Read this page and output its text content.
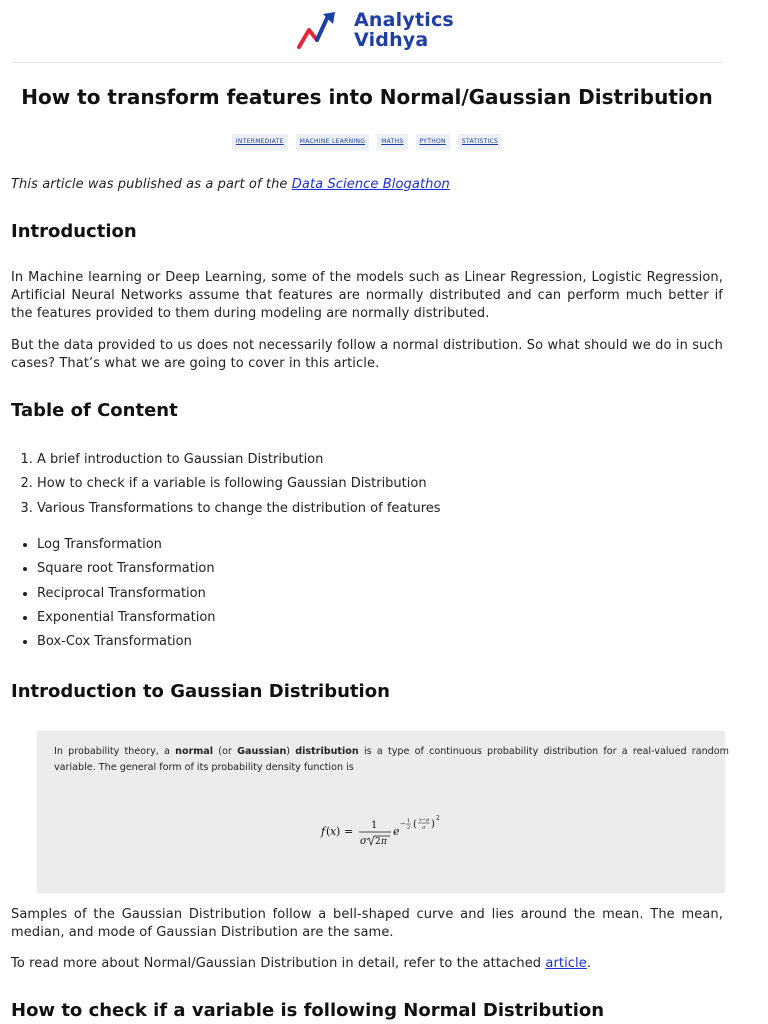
Analytics
Vidhya
How to transform features into Normal/Gaussian Distribution
INTERMEDIATE	MACHINE LEARNING	MATHS	PYTHON	STATISTICS

This article was published as a part of the Data Science Blogathon

Introduction

In Machine learning or Deep Learning, some of the models such as Linear Regression, Logistic Regression, Artificial Neural Networks assume that features are normally distributed and can perform much better if the features provided to them during modeling are normally distributed.

But the data provided to us does not necessarily follow a normal distribution. So what should we do in such cases? That’s what we are going to cover in this article.

Table of Content
1. A brief introduction to Gaussian Distribution
2. How to check if a variable is following Gaussian Distribution
3. Various Transformations to change the distribution of features
• Log Transformation
• Square root Transformation
• Reciprocal Transformation
• Exponential Transformation
• Box-Cox Transformation
Introduction to Gaussian Distribution

In probability theory, a normal (or Gaussian) distribution is a type of continuous probability distribution for a real-valued random variable. The general form of its probability density function is

f ( x ) = 1
σ 2 π
e
− 1
2 ( x−μ
σ )
2

Samples of the Gaussian Distribution follow a bell-shaped curve and lies around the mean. The mean, median, and mode of Gaussian Distribution are the same.

To read more about Normal/Gaussian Distribution in detail, refer to the attached article.

How to check if a variable is following Normal Distribution
